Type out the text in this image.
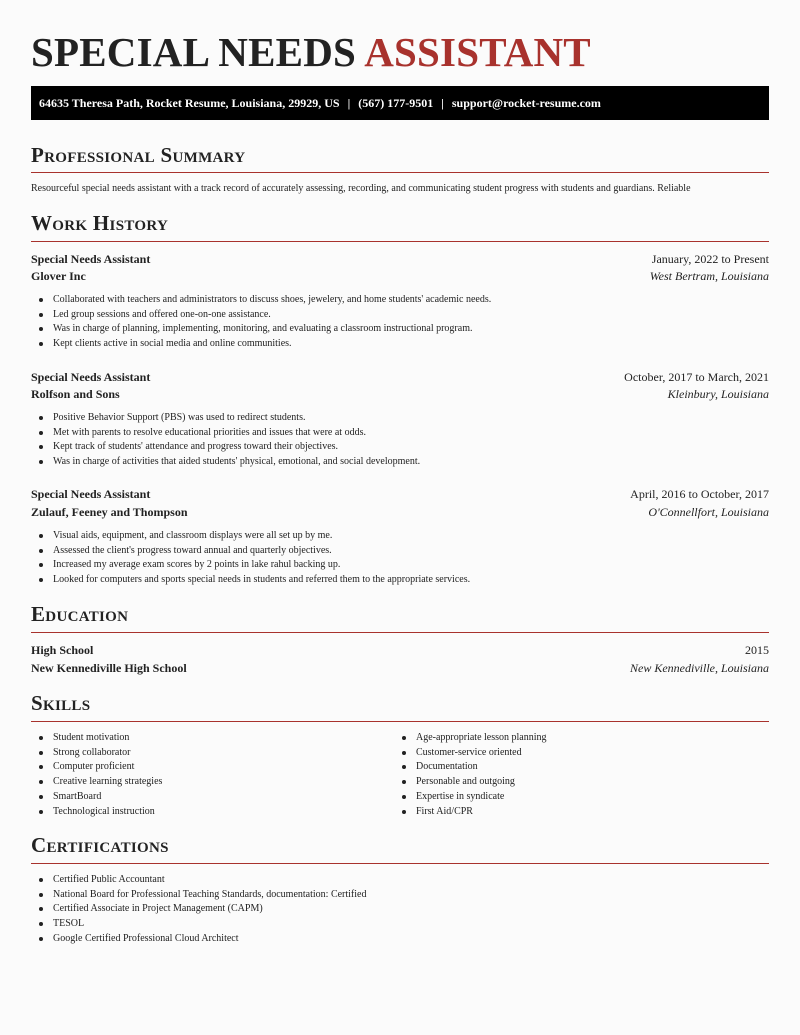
SPECIAL NEEDS ASSISTANT
64635 Theresa Path, Rocket Resume, Louisiana, 29929, US | (567) 177-9501 | support@rocket-resume.com
Professional Summary

Resourceful special needs assistant with a track record of accurately assessing, recording, and communicating student progress with students and guardians. Reliable

Work History
Special Needs Assistant	January, 2022 to Present
Glover Inc	West Bertram, Louisiana
Collaborated with teachers and administrators to discuss shoes, jewelery, and home students' academic needs.
Led group sessions and offered one-on-one assistance.
Was in charge of planning, implementing, monitoring, and evaluating a classroom instructional program.
Kept clients active in social media and online communities.
Special Needs Assistant	October, 2017 to March, 2021
Rolfson and Sons	Kleinbury, Louisiana
Positive Behavior Support (PBS) was used to redirect students.
Met with parents to resolve educational priorities and issues that were at odds.
Kept track of students' attendance and progress toward their objectives.
Was in charge of activities that aided students' physical, emotional, and social development.
Special Needs Assistant	April, 2016 to October, 2017
Zulauf, Feeney and Thompson	O'Connellfort, Louisiana
Visual aids, equipment, and classroom displays were all set up by me.
Assessed the client's progress toward annual and quarterly objectives.
Increased my average exam scores by 2 points in lake rahul backing up.
Looked for computers and sports special needs in students and referred them to the appropriate services.
Education
High School	2015
New Kennediville High School	New Kennediville, Louisiana
Skills
Student motivation
Strong collaborator
Computer proficient
Creative learning strategies
SmartBoard
Technological instruction
Age-appropriate lesson planning
Customer-service oriented
Documentation
Personable and outgoing
Expertise in syndicate
First Aid/CPR
Certifications
Certified Public Accountant
National Board for Professional Teaching Standards, documentation: Certified
Certified Associate in Project Management (CAPM)
TESOL
Google Certified Professional Cloud Architect
